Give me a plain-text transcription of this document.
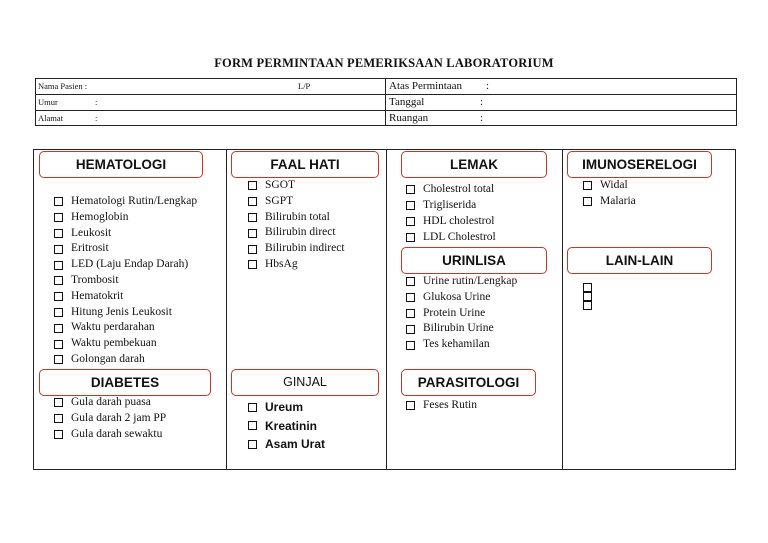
FORM PERMINTAAN PEMERIKSAAN LABORATORIUM
Nama Pasien :	L/P	Atas Permintaan :
Umur	:	Tanggal	:
Alamat	:	Ruangan	:
HEMATOLOGI
Hematologi Rutin/Lengkap
Hemoglobin
Leukosit
Eritrosit
LED (Laju Endap Darah)
Trombosit
Hematokrit
Hitung Jenis Leukosit
Waktu perdarahan
Waktu pembekuan
Golongan darah
DIABETES
Gula darah puasa
Gula darah 2 jam PP
Gula darah sewaktu
FAAL HATI
SGOT
SGPT
Bilirubin total
Bilirubin direct
Bilirubin indirect
HbsAg
GINJAL
Ureum
Kreatinin
Asam Urat
LEMAK
Cholestrol total
Trigliserida
HDL cholestrol
LDL Cholestrol
URINLISA
Urine rutin/Lengkap
Glukosa Urine
Protein Urine
Bilirubin Urine
Tes kehamilan
PARASITOLOGI
Feses Rutin
IMUNOSERELOGI
Widal
Malaria
LAIN-LAIN
